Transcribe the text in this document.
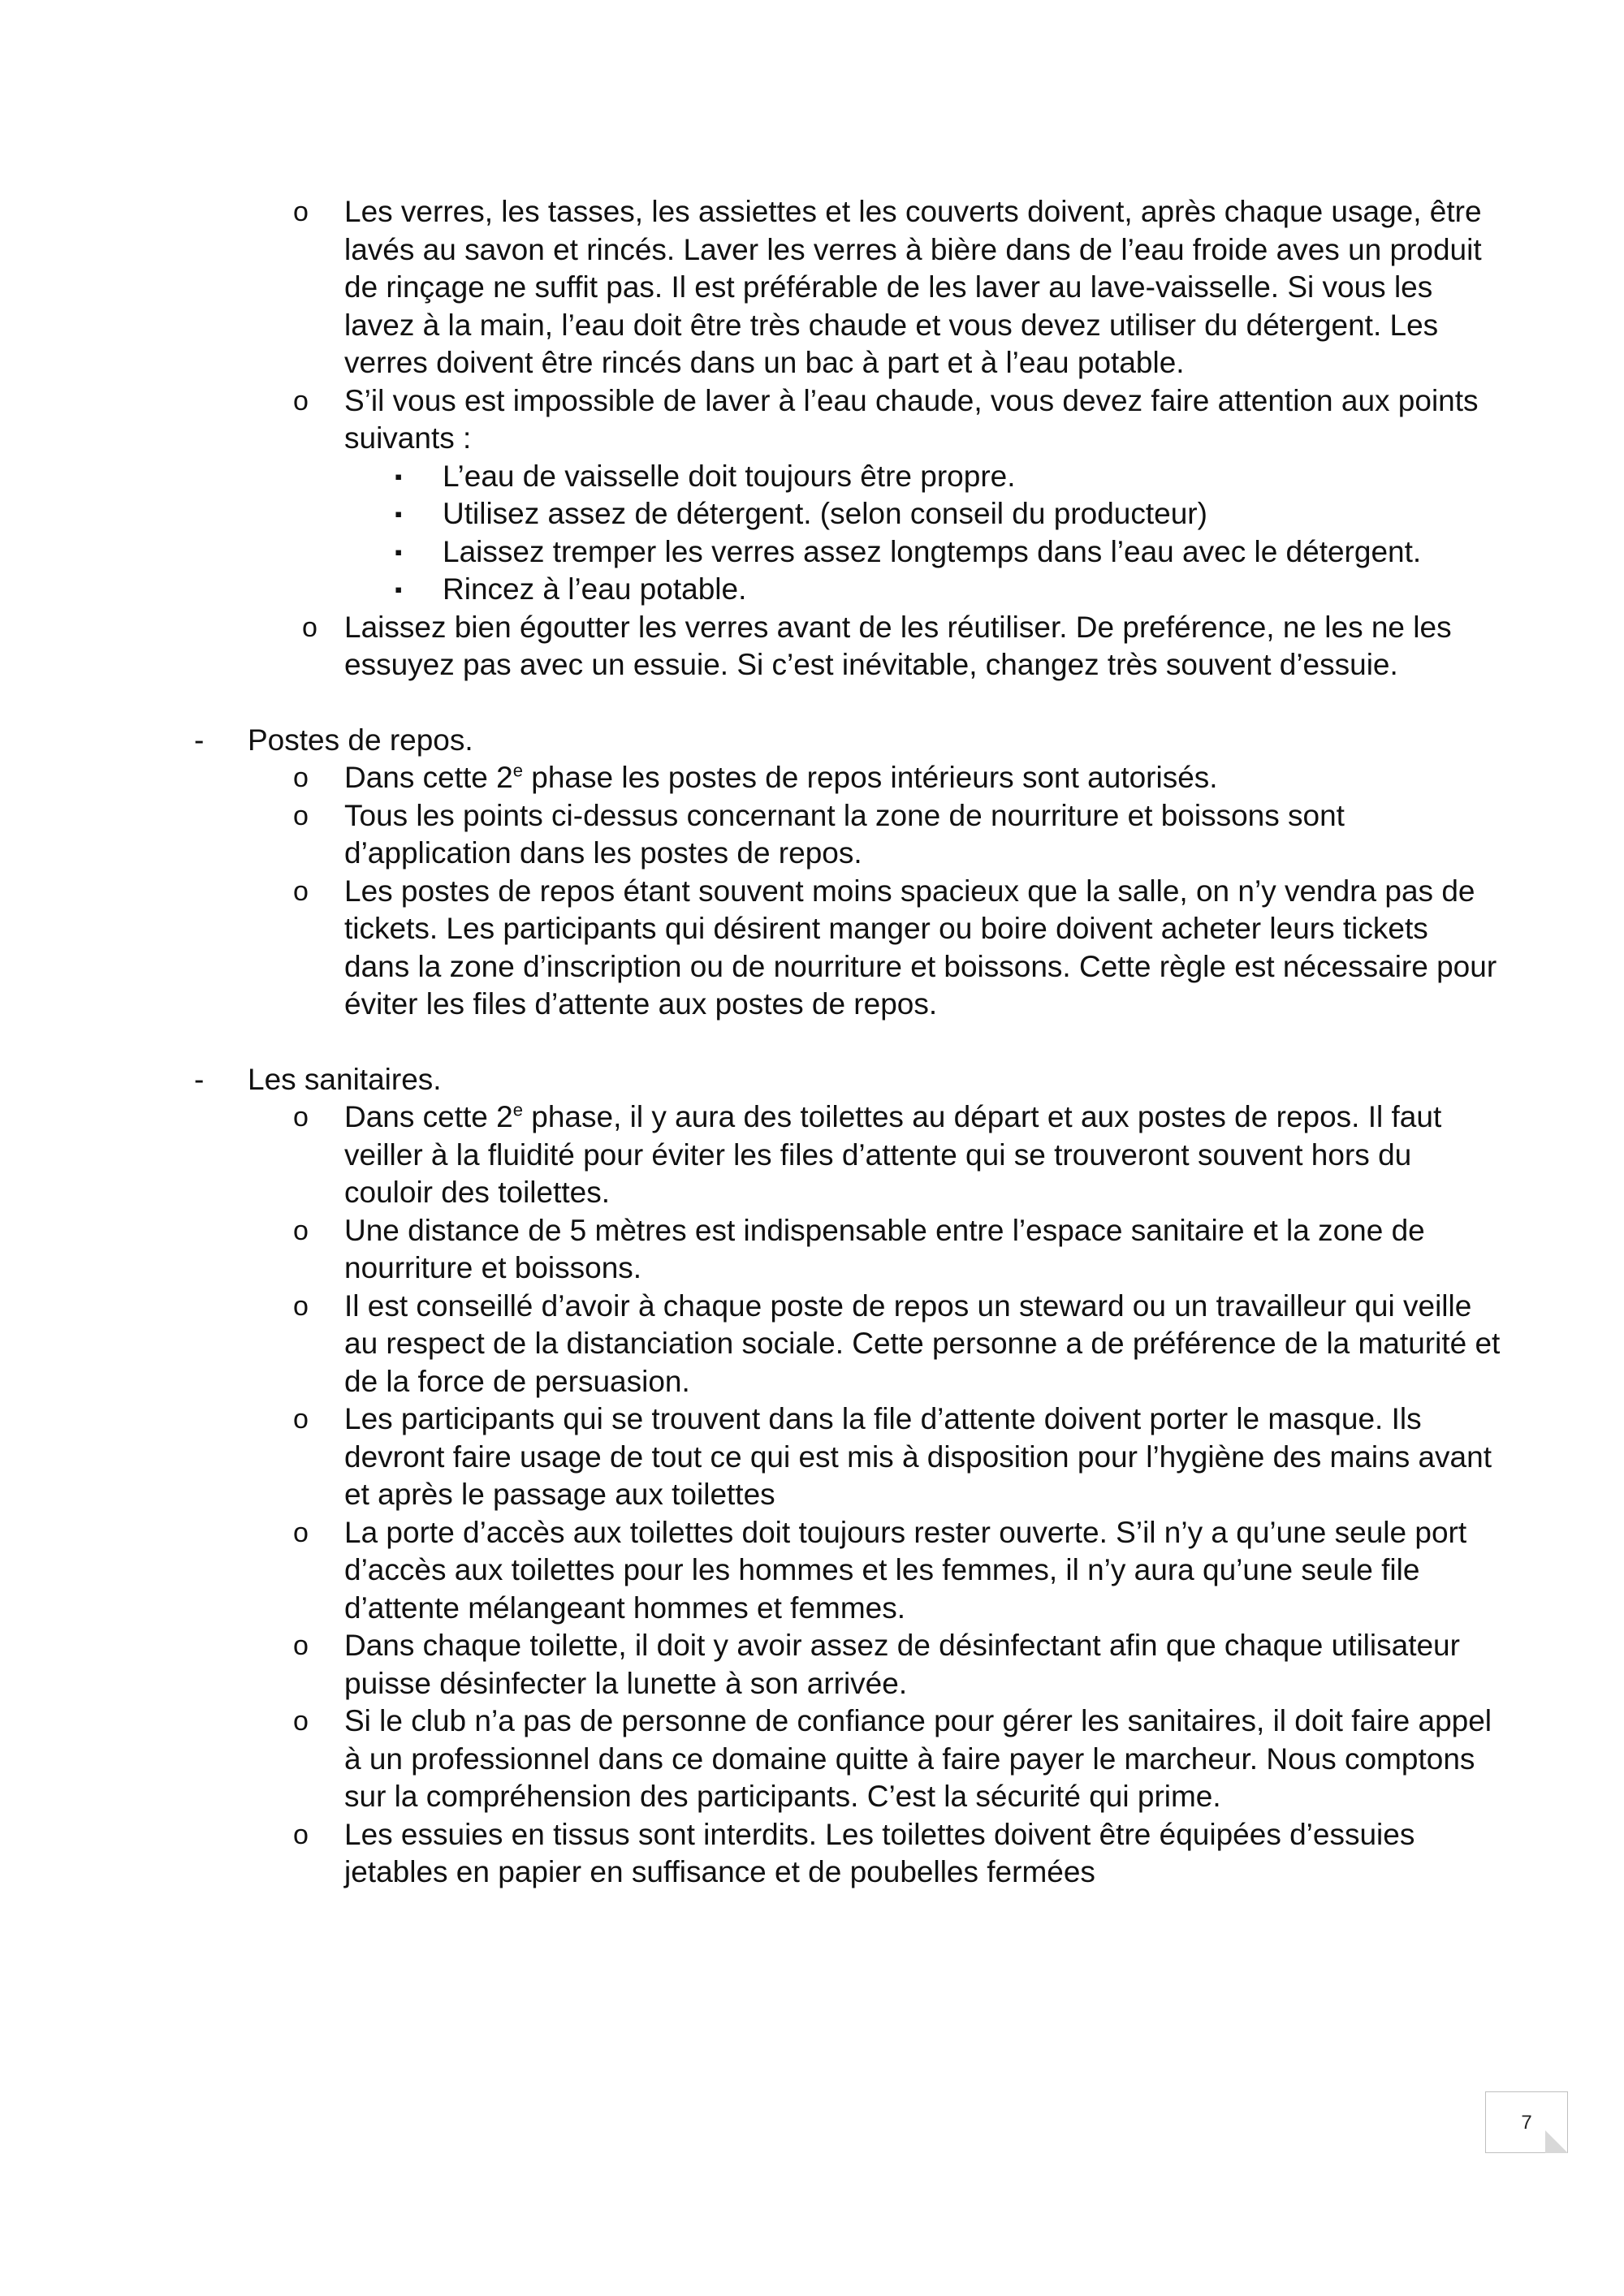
o Les verres, les tasses, les assiettes et les couverts doivent, après chaque usage, être lavés au savon et rincés. Laver les verres à bière dans de l’eau froide aves un produit de rinçage ne suffit pas. Il est préférable de les laver au lave-vaisselle. Si vous les lavez à la main, l’eau doit être très chaude et vous devez utiliser du détergent. Les verres doivent être rincés dans un bac à part et à l’eau potable.
o S’il vous est impossible de laver à l’eau chaude, vous devez faire attention aux points suivants :
▪ L’eau de vaisselle doit toujours être propre.
▪ Utilisez assez de détergent. (selon conseil du producteur)
▪ Laissez tremper les verres assez longtemps dans l’eau avec le détergent.
▪ Rincez à l’eau potable.
o Laissez bien égoutter les verres avant de les réutiliser. De preférence, ne les ne les essuyez pas avec un essuie. Si c’est inévitable, changez très souvent d’essuie.
- Postes de repos.
o Dans cette 2e phase les postes de repos intérieurs sont autorisés.
o Tous les points ci-dessus concernant la zone de nourriture et boissons sont d’application dans les postes de repos.
o Les postes de repos étant souvent moins spacieux que la salle, on n’y vendra pas de tickets. Les participants qui désirent manger ou boire doivent acheter leurs tickets dans la zone d’inscription ou de nourriture et boissons. Cette règle est nécessaire pour éviter les files d’attente aux postes de repos.
- Les sanitaires.
o Dans cette 2e phase, il y aura des toilettes au départ et aux postes de repos. Il faut veiller à la fluidité pour éviter les files d’attente qui se trouveront souvent hors du couloir des toilettes.
o Une distance de 5 mètres est indispensable entre l’espace sanitaire et la zone de nourriture et boissons.
o Il est conseillé d’avoir à chaque poste de repos un steward ou un travailleur qui veille au respect de la distanciation sociale. Cette personne a de préférence de la maturité et de la force de persuasion.
o Les participants qui se trouvent dans la file d’attente doivent porter le masque. Ils devront faire usage de tout ce qui est mis à disposition pour l’hygiène des mains avant et après le passage aux toilettes
o La porte d’accès aux toilettes doit toujours rester ouverte. S’il n’y a qu’une seule port d’accès aux toilettes pour les hommes et les femmes, il n’y aura qu’une seule file d’attente mélangeant hommes et femmes.
o Dans chaque toilette, il doit y avoir assez de désinfectant afin que chaque utilisateur puisse désinfecter la lunette à son arrivée.
o Si le club n’a pas de personne de confiance pour gérer les sanitaires, il doit faire appel à un professionnel dans ce domaine quitte à faire payer le marcheur. Nous comptons sur la compréhension des participants. C’est la sécurité qui prime.
o Les essuies en tissus sont interdits. Les toilettes doivent être équipées d’essuies jetables en papier en suffisance et de poubelles fermées
7
